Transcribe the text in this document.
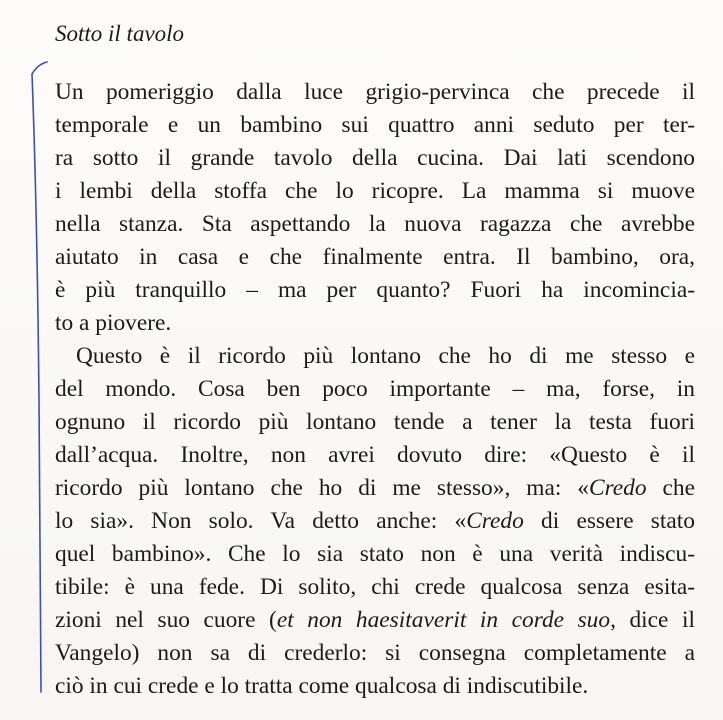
Sotto il tavolo
Un pomeriggio dalla luce grigio-pervinca che precede il
temporale e un bambino sui quattro anni seduto per ter-
ra sotto il grande tavolo della cucina. Dai lati scendono
i lembi della stoffa che lo ricopre. La mamma si muove
nella stanza. Sta aspettando la nuova ragazza che avrebbe
aiutato in casa e che finalmente entra. Il bambino, ora,
è più tranquillo – ma per quanto? Fuori ha incomincia-
to a piovere.
Questo è il ricordo più lontano che ho di me stesso e
del mondo. Cosa ben poco importante – ma, forse, in
ognuno il ricordo più lontano tende a tener la testa fuori
dall’acqua. Inoltre, non avrei dovuto dire: «Questo è il
ricordo più lontano che ho di me stesso», ma: «Credo che
lo sia». Non solo. Va detto anche: «Credo di essere stato
quel bambino». Che lo sia stato non è una verità indiscu-
tibile: è una fede. Di solito, chi crede qualcosa senza esita-
zioni nel suo cuore (et non haesitaverit in corde suo, dice il
Vangelo) non sa di crederlo: si consegna completamente a
ciò in cui crede e lo tratta come qualcosa di indiscutibile.
